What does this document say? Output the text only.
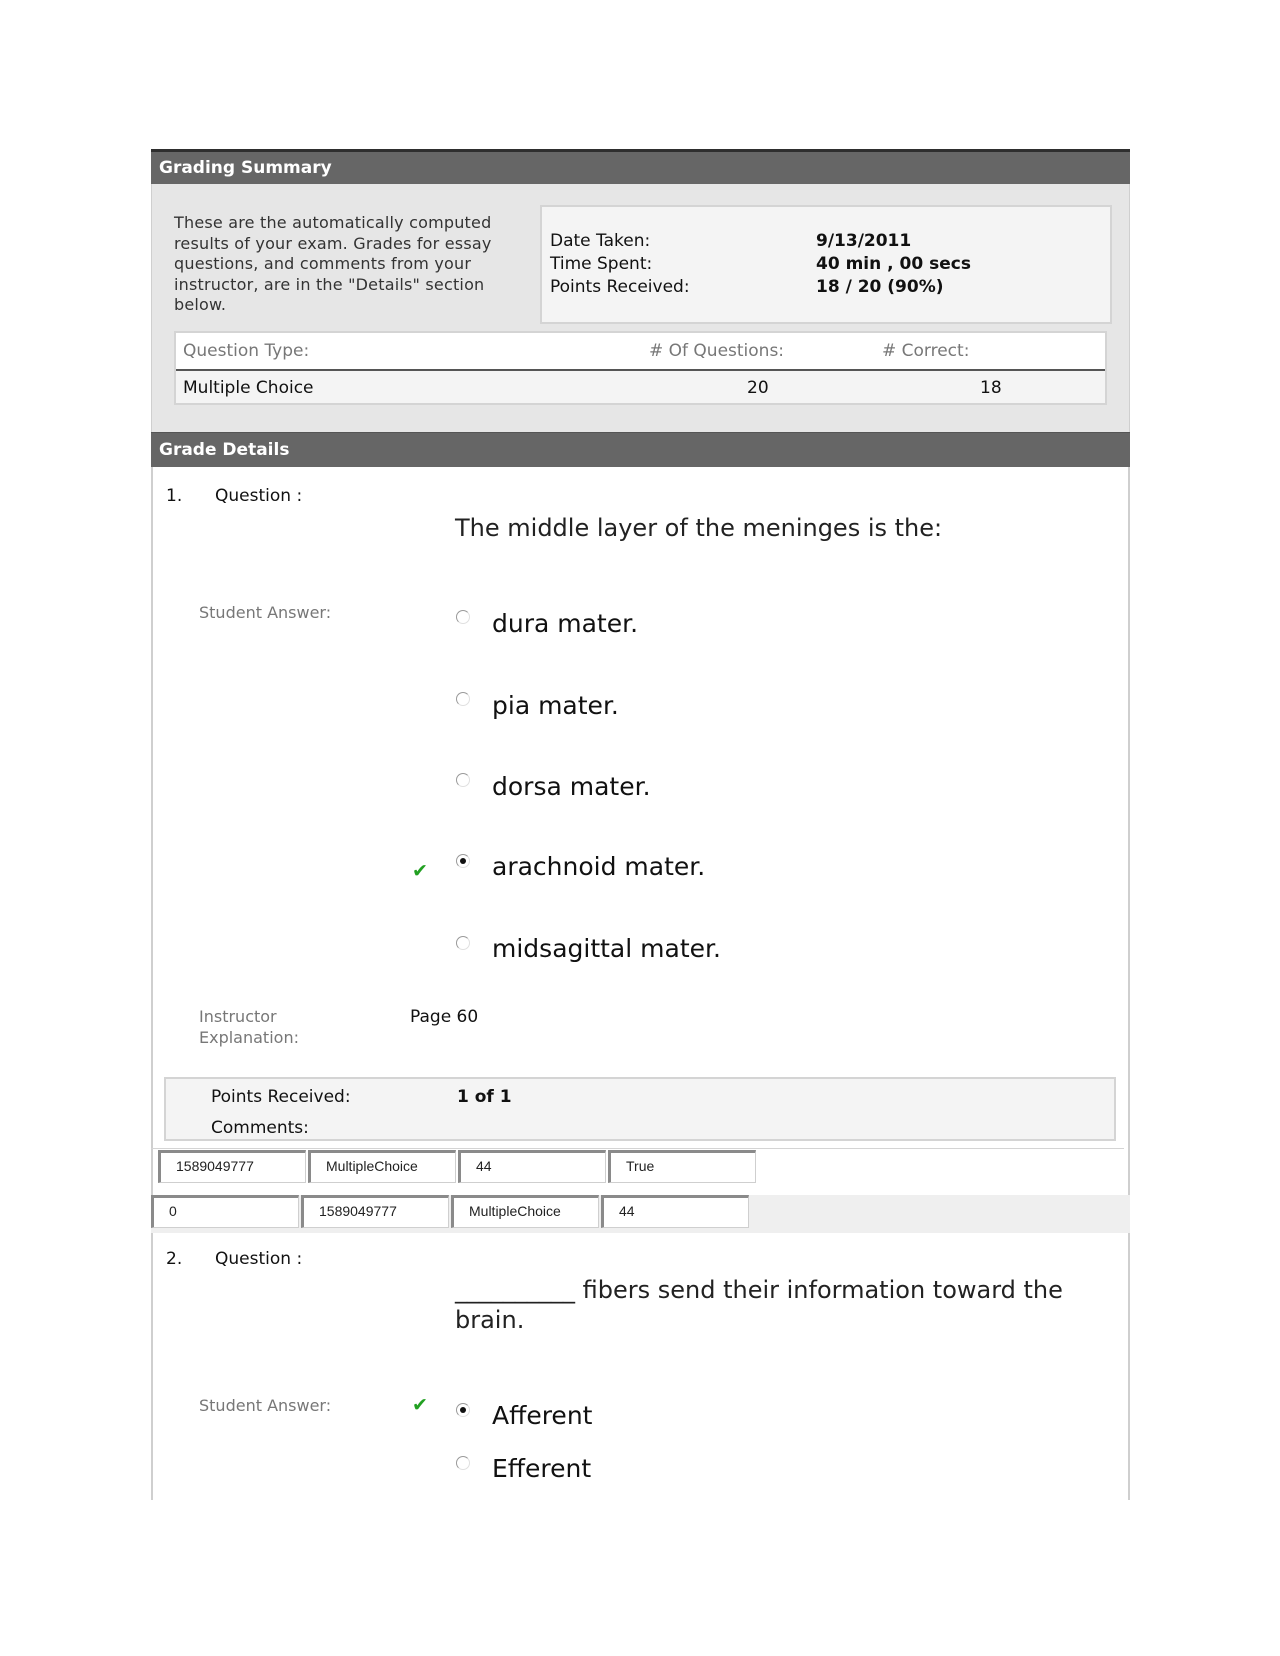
Grading Summary
These are the automatically computed results of your exam. Grades for essay questions, and comments from your instructor, are in the "Details" section below.
Date Taken:	9/13/2011
Time Spent:	40 min , 00 secs
Points Received:	18 / 20 (90%)
Question Type:	# Of Questions:	# Correct:
Multiple Choice	20	18
Grade Details
1. Question :
The middle layer of the meninges is the:
Student Answer:	dura mater.
pia mater.
dorsa mater.
✔	arachnoid mater.
midsagittal mater.
Instructor Explanation:
Page 60
Points Received:	1 of 1
Comments:
1589049777	MultipleChoice	44	True
0	1589049777	MultipleChoice	44
2. Question :
__________ fibers send their information toward the brain.
Student Answer:	✔	Afferent
Efferent
